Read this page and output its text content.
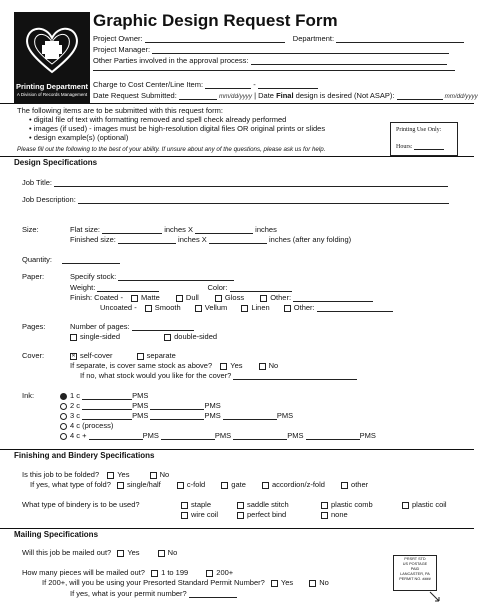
Printing Department
A Division of Records Management
Graphic Design Request Form
Project Owner:	Department:
Project Manager:
Other Parties involved in the approval process:
Charge to Cost Center/Line Item:	-
Date Request Submitted:	mm/dd/yyyy | Date Final design is desired (Not ASAP):	mm/dd/yyyy
The following items are to be submitted with this request form:
• digital file of text with formatting removed and spell check already performed
• images (if used) - images must be high-resolution digital files OR original prints or slides
• design example(s) (optional)
Please fill out the following to the best of your ability. If unsure about any of the questions, please ask us for help.
Printing Use Only:
Hours:
Design Specifications
Job Title:
Job Description:
Size:	Flat size:	inches X	inches
Finished size:	inches X	inches (after any folding)
Quantity:
Paper:	Specify stock:
Weight:	Color:
Finish: Coated - Matte	Dull	Gloss	Other:
Uncoated - Smooth	Vellum	Linen	Other:
Pages:	Number of pages:
single-sided	double-sided
Cover:	✕ self-cover	separate
If separate, is cover same stock as above? Yes	No
If no, what stock would you like for the cover?
Ink:	1 c	PMS
2 c	PMS	PMS
3 c	PMS	PMS	PMS
4 c (process)
4 c +	PMS	PMS	PMS	PMS
Finishing and Bindery Specifications
Is this job to be folded? Yes	No
If yes, what type of fold? single/half	c-fold	gate	accordion/z-fold	other
What type of bindery is to be used?	staple	saddle stitch	plastic comb	plastic coil
wire coil	perfect bind	none
Mailing Specifications
Will this job be mailed out? Yes	No
How many pieces will be mailed out? 1 to 199	200+
If 200+, will you be using your Presorted Standard Permit Number? Yes	No
If yes, what is your permit number?
PRSRT STD
US POSTAGE
PAID
LANCASTER, PA
PERMIT NO. ####
